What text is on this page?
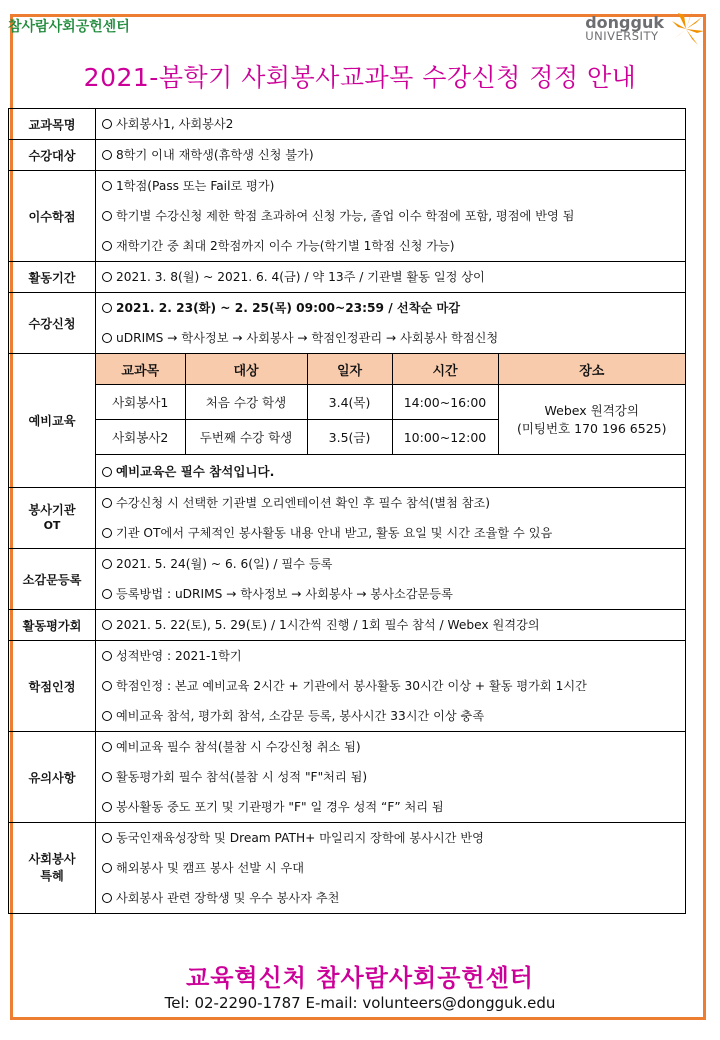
참사람사회공헌센터	dongguk
UNIVERSITY
2021-봄학기 사회봉사교과목 수강신청 정정 안내
교과목명	사회봉사1, 사회봉사2

수강대상	8학기 이내 재학생(휴학생 신청 불가)

이수학점	
1학점(Pass 또는 Fail로 평가)
학기별 수강신청 제한 학점 초과하여 신청 가능, 졸업 이수 학점에 포함, 평점에 반영 됨
재학기간 중 최대 2학점까지 이수 가능(학기별 1학점 신청 가능)

활동기간	2021. 3. 8(월) ~ 2021. 6. 4(금) / 약 13주 / 기관별 활동 일정 상이

수강신청	
2021. 2. 23(화) ~ 2. 25(목) 09:00~23:59 / 선착순 마감
uDRIMS → 학사정보 → 사회봉사 → 학점인정관리 → 사회봉사 학점신청

예비교육	
교과목	대상	일자	시간	장소
사회봉사1	처음 수강 학생	3.4(목)	14:00~16:00	
Webex 원격강의
(미팅번호 170 196 6525)

사회봉사2	두번째 수강 학생	3.5(금)	10:00~12:00
예비교육은 필수 참석입니다.

봉사기관
OT

수강신청 시 선택한 기관별 오리엔테이션 확인 후 필수 참석(별첨 참조)
기관 OT에서 구체적인 봉사활동 내용 안내 받고, 활동 요일 및 시간 조율할 수 있음

소감문등록	
2021. 5. 24(월) ~ 6. 6(일) / 필수 등록
등록방법 : uDRIMS → 학사정보 → 사회봉사 → 봉사소감문등록

활동평가회	2021. 5. 22(토), 5. 29(토) / 1시간씩 진행 / 1회 필수 참석 / Webex 원격강의

학점인정	
성적반영 : 2021-1학기
학점인정 : 본교 예비교육 2시간 + 기관에서 봉사활동 30시간 이상 + 활동 평가회 1시간
예비교육 참석, 평가회 참석, 소감문 등록, 봉사시간 33시간 이상 충족

유의사항	
예비교육 필수 참석(불참 시 수강신청 취소 됨)
활동평가회 필수 참석(불참 시 성적 "F"처리 됨)
봉사활동 중도 포기 및 기관평가 "F" 일 경우 성적 “F” 처리 됨

사회봉사
특혜

동국인재육성장학 및 Dream PATH+ 마일리지 장학에 봉사시간 반영
해외봉사 및 캠프 봉사 선발 시 우대
사회봉사 관련 장학생 및 우수 봉사자 추천
교육혁신처 참사람사회공헌센터
Tel: 02-2290-1787 E-mail: volunteers@dongguk.edu
